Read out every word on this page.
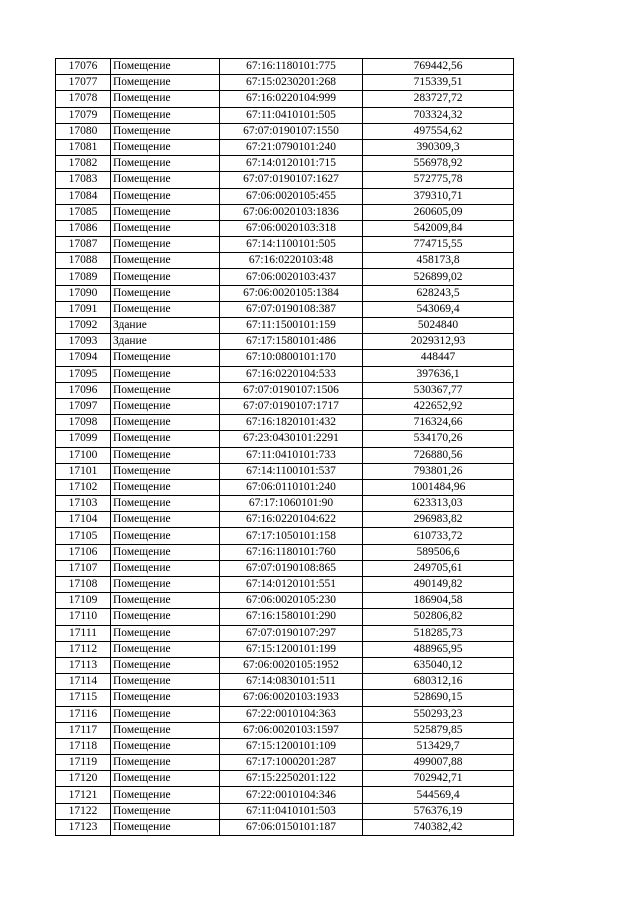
17076	Помещение	67:16:1180101:775	769442,56
17077	Помещение	67:15:0230201:268	715339,51
17078	Помещение	67:16:0220104:999	283727,72
17079	Помещение	67:11:0410101:505	703324,32
17080	Помещение	67:07:0190107:1550	497554,62
17081	Помещение	67:21:0790101:240	390309,3
17082	Помещение	67:14:0120101:715	556978,92
17083	Помещение	67:07:0190107:1627	572775,78
17084	Помещение	67:06:0020105:455	379310,71
17085	Помещение	67:06:0020103:1836	260605,09
17086	Помещение	67:06:0020103:318	542009,84
17087	Помещение	67:14:1100101:505	774715,55
17088	Помещение	67:16:0220103:48	458173,8
17089	Помещение	67:06:0020103:437	526899,02
17090	Помещение	67:06:0020105:1384	628243,5
17091	Помещение	67:07:0190108:387	543069,4
17092	Здание	67:11:1500101:159	5024840
17093	Здание	67:17:1580101:486	2029312,93
17094	Помещение	67:10:0800101:170	448447
17095	Помещение	67:16:0220104:533	397636,1
17096	Помещение	67:07:0190107:1506	530367,77
17097	Помещение	67:07:0190107:1717	422652,92
17098	Помещение	67:16:1820101:432	716324,66
17099	Помещение	67:23:0430101:2291	534170,26
17100	Помещение	67:11:0410101:733	726880,56
17101	Помещение	67:14:1100101:537	793801,26
17102	Помещение	67:06:0110101:240	1001484,96
17103	Помещение	67:17:1060101:90	623313,03
17104	Помещение	67:16:0220104:622	296983,82
17105	Помещение	67:17:1050101:158	610733,72
17106	Помещение	67:16:1180101:760	589506,6
17107	Помещение	67:07:0190108:865	249705,61
17108	Помещение	67:14:0120101:551	490149,82
17109	Помещение	67:06:0020105:230	186904,58
17110	Помещение	67:16:1580101:290	502806,82
17111	Помещение	67:07:0190107:297	518285,73
17112	Помещение	67:15:1200101:199	488965,95
17113	Помещение	67:06:0020105:1952	635040,12
17114	Помещение	67:14:0830101:511	680312,16
17115	Помещение	67:06:0020103:1933	528690,15
17116	Помещение	67:22:0010104:363	550293,23
17117	Помещение	67:06:0020103:1597	525879,85
17118	Помещение	67:15:1200101:109	513429,7
17119	Помещение	67:17:1000201:287	499007,88
17120	Помещение	67:15:2250201:122	702942,71
17121	Помещение	67:22:0010104:346	544569,4
17122	Помещение	67:11:0410101:503	576376,19
17123	Помещение	67:06:0150101:187	740382,42
